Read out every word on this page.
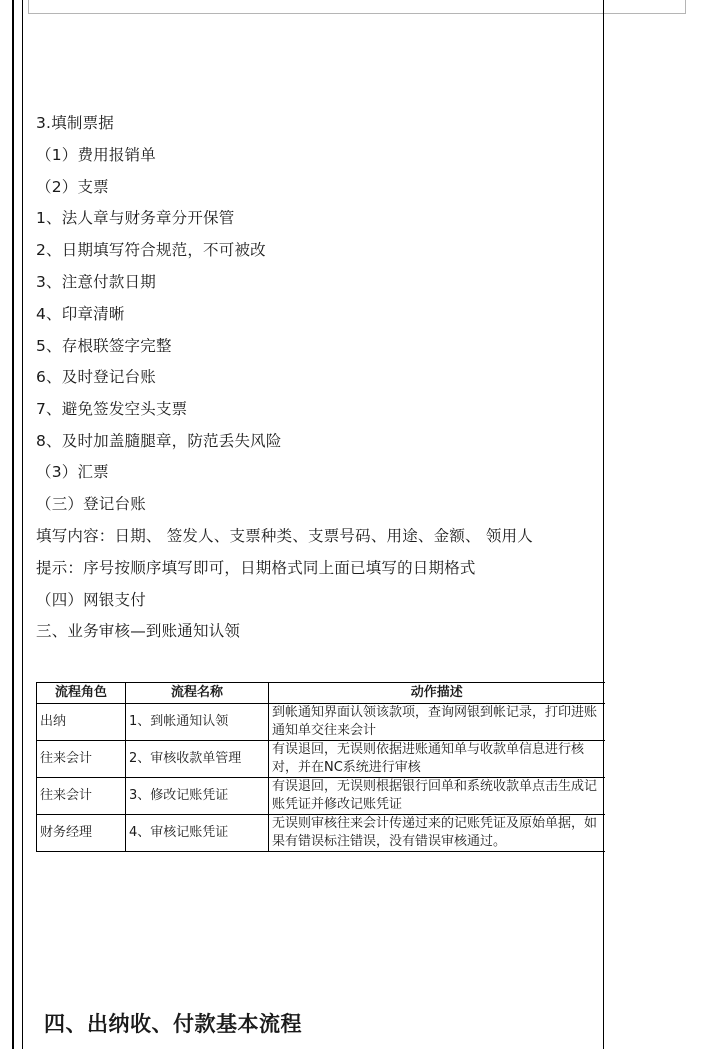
3.填制票据
（1）费用报销单
（2）支票
1、法人章与财务章分开保管
2、日期填写符合规范，不可被改
3、注意付款日期
4、印章清晰
5、存根联签字完整
6、及时登记台账
7、避免签发空头支票
8、及时加盖膸腿章，防范丢失风险
（3）汇票
（三）登记台账
填写内容：日期、 签发人、支票种类、支票号码、用途、金额、 领用人
提示：序号按顺序填写即可，日期格式同上面已填写的日期格式
（四）网银支付
三、业务审核—到账通知认领
流程角色	流程名称	动作描述
出纳	1、到帐通知认领	到帐通知界面认领该款项，查询网银到帐记录，打印进账通知单交往来会计
往来会计	2、审核收款单管理	有误退回，无误则依据进账通知单与收款单信息进行核对，并在NC系统进行审核
往来会计	3、修改记账凭证	有误退回，无误则根据银行回单和系统收款单点击生成记账凭证并修改记账凭证
财务经理	4、审核记账凭证	无误则审核往来会计传递过来的记账凭证及原始单据，如果有错误标注错误，没有错误审核通过。
四、出纳收、付款基本流程
